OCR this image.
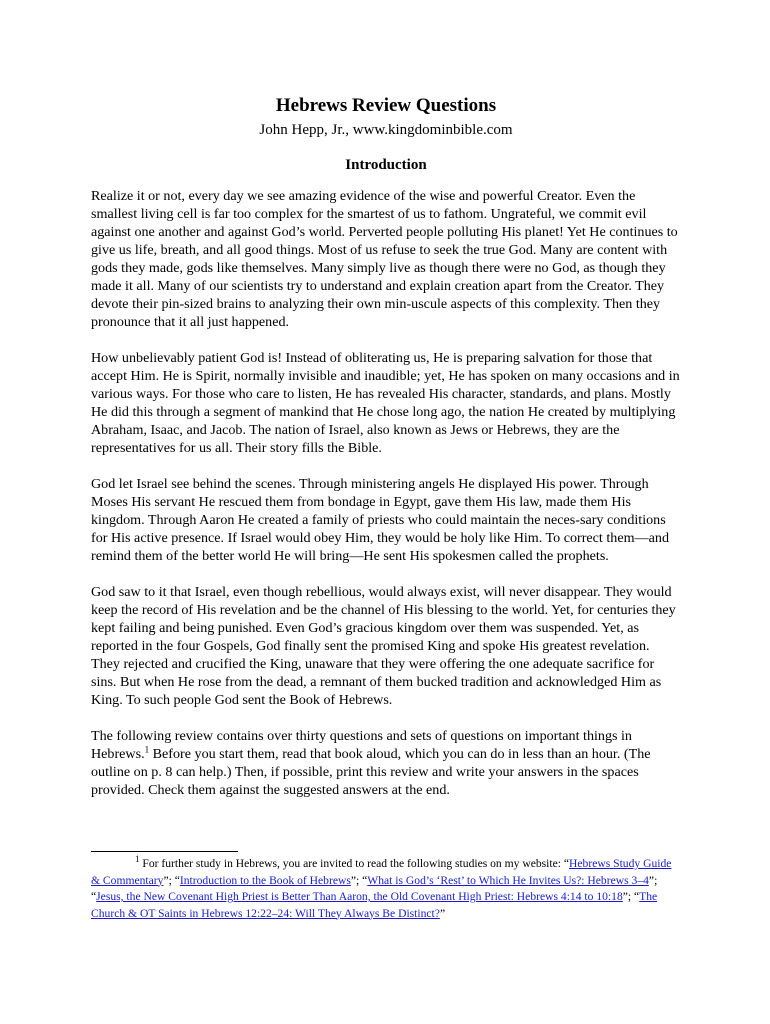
Hebrews Review Questions
John Hepp, Jr., www.kingdominbible.com
Introduction

Realize it or not, every day we see amazing evidence of the wise and powerful Creator. Even the smallest living cell is far too complex for the smartest of us to fathom. Ungrateful, we commit evil against one another and against God’s world. Perverted people polluting His planet! Yet He continues to give us life, breath, and all good things. Most of us refuse to seek the true God. Many are content with gods they made, gods like themselves. Many simply live as though there were no God, as though they made it all. Many of our scientists try to understand and explain creation apart from the Creator. They devote their pin-sized brains to analyzing their own min-uscule aspects of this complexity. Then they pronounce that it all just happened.

How unbelievably patient God is! Instead of obliterating us, He is preparing salvation for those that accept Him. He is Spirit, normally invisible and inaudible; yet, He has spoken on many occasions and in various ways. For those who care to listen, He has revealed His character, standards, and plans. Mostly He did this through a segment of mankind that He chose long ago, the nation He created by multiplying Abraham, Isaac, and Jacob. The nation of Israel, also known as Jews or Hebrews, they are the representatives for us all. Their story fills the Bible.

God let Israel see behind the scenes. Through ministering angels He displayed His power. Through Moses His servant He rescued them from bondage in Egypt, gave them His law, made them His kingdom. Through Aaron He created a family of priests who could maintain the neces-sary conditions for His active presence. If Israel would obey Him, they would be holy like Him. To correct them—and remind them of the better world He will bring—He sent His spokesmen called the prophets.

God saw to it that Israel, even though rebellious, would always exist, will never disappear. They would keep the record of His revelation and be the channel of His blessing to the world. Yet, for centuries they kept failing and being punished. Even God’s gracious kingdom over them was suspended. Yet, as reported in the four Gospels, God finally sent the promised King and spoke His greatest revelation. They rejected and crucified the King, unaware that they were offering the one adequate sacrifice for sins. But when He rose from the dead, a remnant of them bucked tradition and acknowledged Him as King. To such people God sent the Book of Hebrews.

The following review contains over thirty questions and sets of questions on important things in Hebrews.$^1$ Before you start them, read that book aloud, which you can do in less than an hour. (The outline on p. 8 can help.) Then, if possible, print this review and write your answers in the spaces provided. Check them against the suggested answers at the end.

$^1$ For further study in Hebrews, you are invited to read the following studies on my website: “Hebrews Study Guide & Commentary”; “Introduction to the Book of Hebrews”; “What is God’s ‘Rest’ to Which He Invites Us?: Hebrews 3–4”; “Jesus, the New Covenant High Priest is Better Than Aaron, the Old Covenant High Priest: Hebrews 4:14 to 10:18”; “The Church & OT Saints in Hebrews 12:22–24: Will They Always Be Distinct?”
